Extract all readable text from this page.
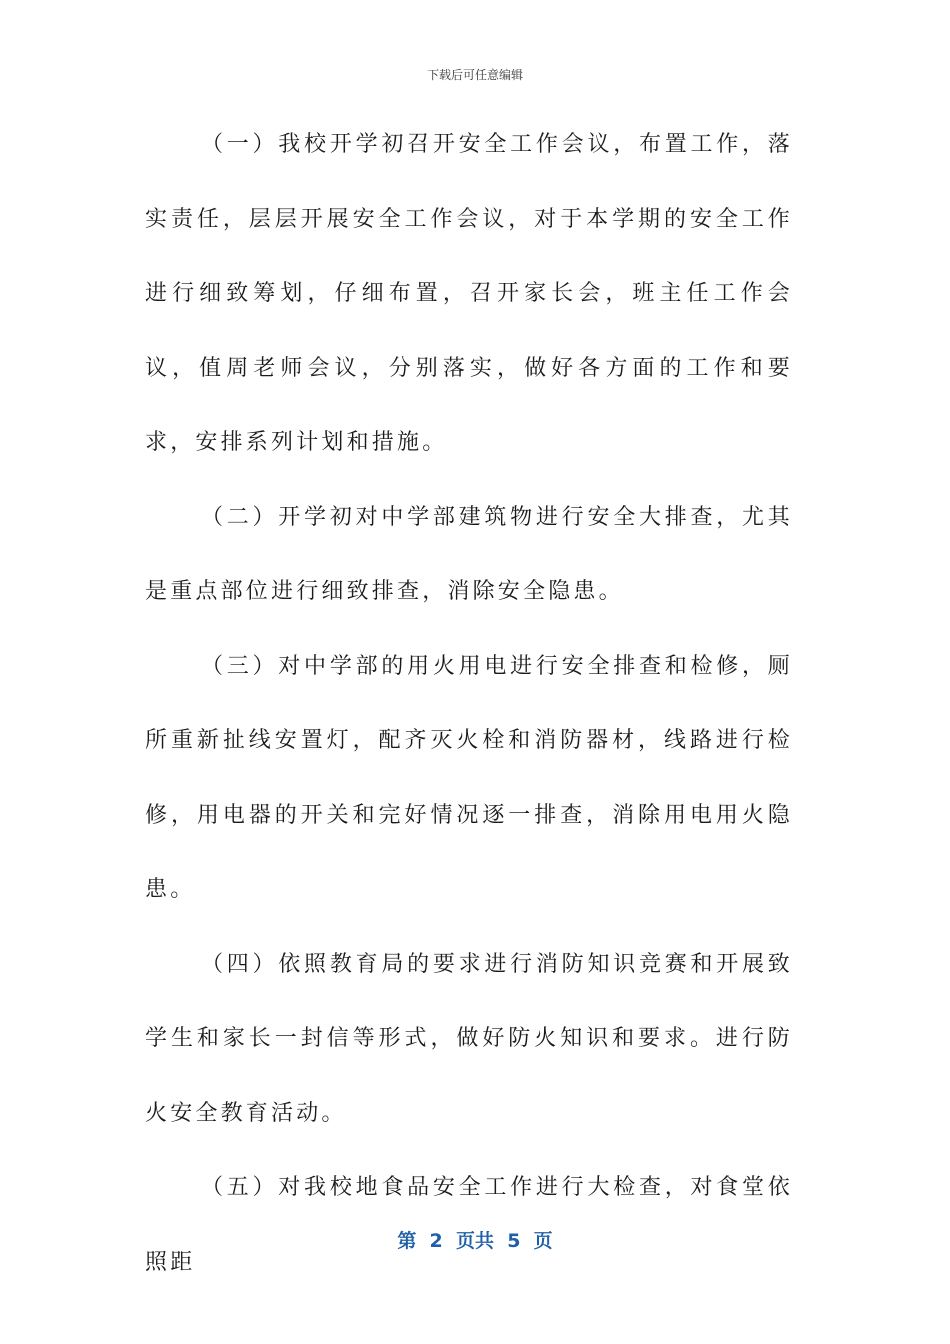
下载后可任意编辑

（一）我校开学初召开安全工作会议，布置工作，落实责任，层层开展安全工作会议，对于本学期的安全工作进行细致筹划，仔细布置，召开家长会，班主任工作会议，值周老师会议，分别落实，做好各方面的工作和要求，安排系列计划和措施。

（二）开学初对中学部建筑物进行安全大排查，尤其是重点部位进行细致排查，消除安全隐患。

（三）对中学部的用火用电进行安全排查和检修，厕所重新扯线安置灯，配齐灭火栓和消防器材，线路进行检修，用电器的开关和完好情况逐一排查，消除用电用火隐患。

（四）依照教育局的要求进行消防知识竞赛和开展致学生和家长一封信等形式，做好防火知识和要求。进行防火安全教育活动。

（五）对我校地食品安全工作进行大检查，对食堂依照距

第  2  页共  5  页
